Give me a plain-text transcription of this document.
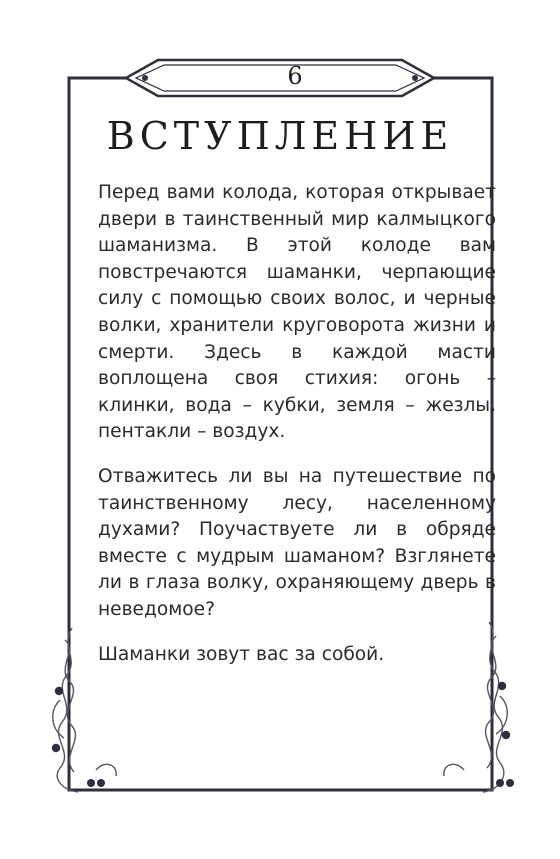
6
ВСТУПЛЕНИЕ

Перед вами колода, которая открывает двери в таинственный мир калмыцкого шаманизма. В этой колоде вам повстречаются шаманки, черпающие силу с помощью своих волос, и черные волки, хранители круговорота жизни и смерти. Здесь в каждой масти воплощена своя стихия: огонь – клинки, вода – кубки, земля – жезлы, пентакли – воздух.

Отважитесь ли вы на путешествие по таинственному лесу, населенному духами? Поучаствуете ли в обряде вместе с мудрым шаманом? Взглянете ли в глаза волку, охраняющему дверь в неведомое?

Шаманки зовут вас за собой.
